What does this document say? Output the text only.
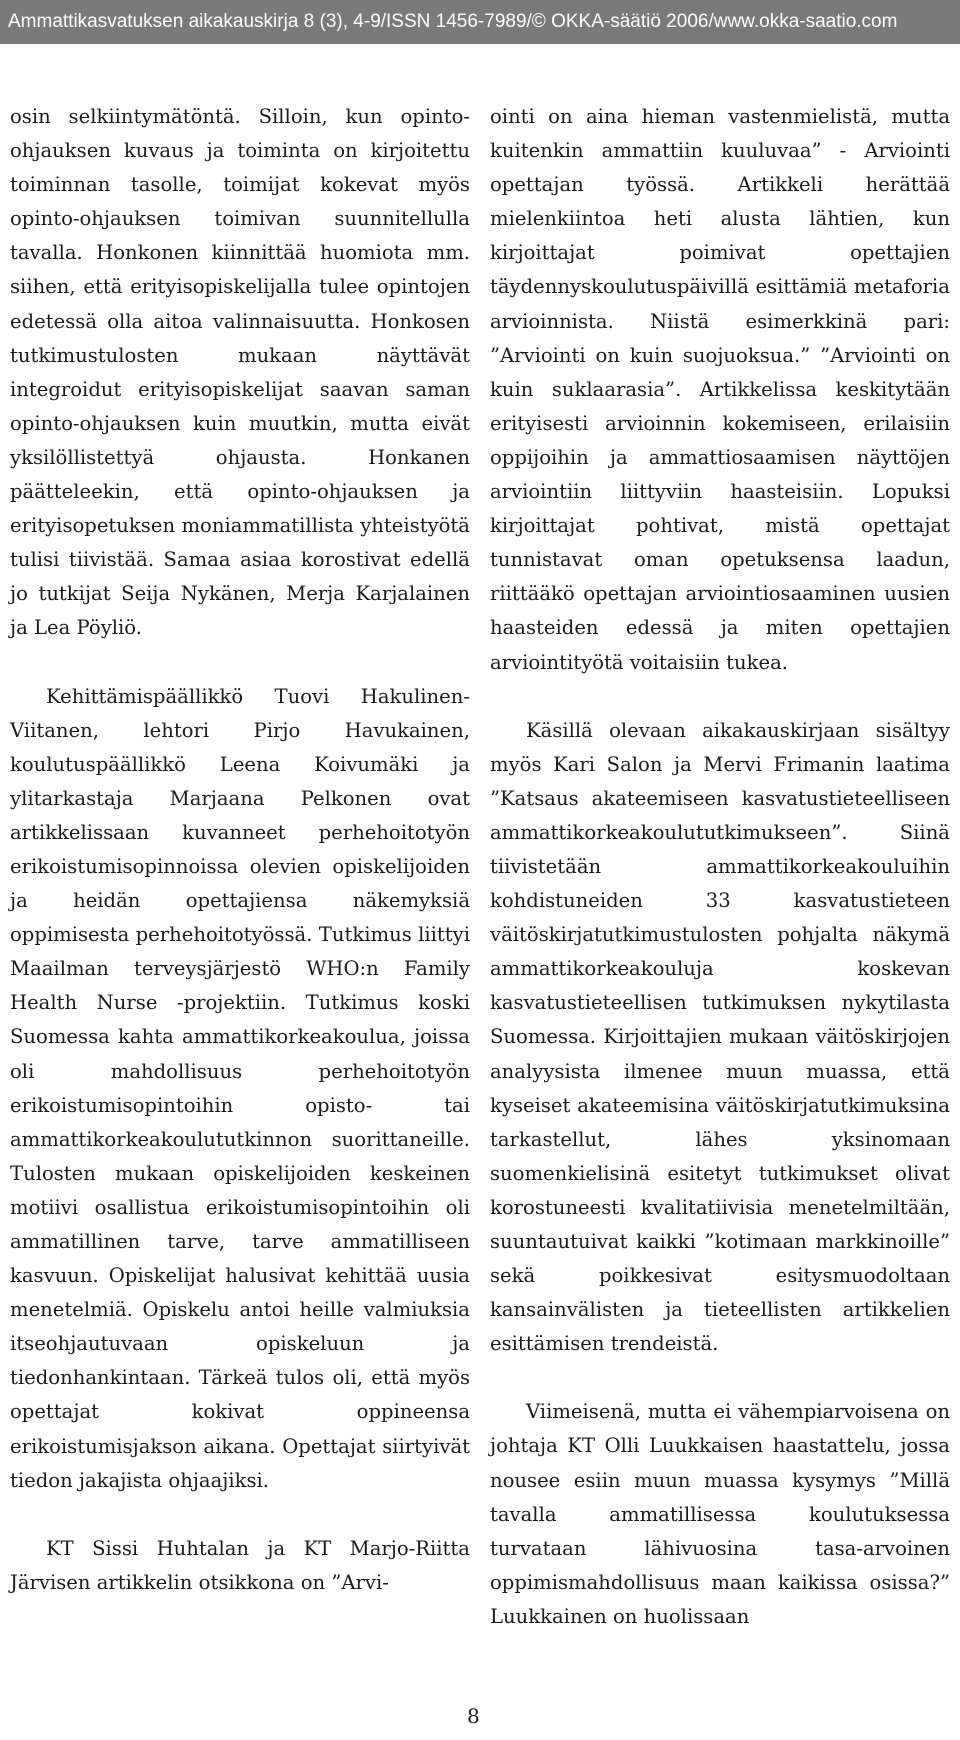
Ammattikasvatuksen aikakauskirja 8 (3), 4-9/ISSN 1456-7989/© OKKA-säätiö 2006/www.okka-saatio.com

osin selkiintymätöntä. Silloin, kun opinto-ohjauksen kuvaus ja toiminta on kirjoitettu toiminnan tasolle, toimijat kokevat myös opinto-ohjauksen toimivan suunnitellulla tavalla. Honkonen kiinnittää huomiota mm. siihen, että erityisopiskelijalla tulee opintojen edetessä olla aitoa valinnaisuutta. Honkosen tutkimustulosten mukaan näyttävät integroidut erityisopiskelijat saavan saman opinto-ohjauksen kuin muutkin, mutta eivät yksilöllistettyä ohjausta. Honkanen päätteleekin, että opinto-ohjauksen ja erityisopetuksen moniammatillista yhteistyötä tulisi tiivistää. Samaa asiaa korostivat edellä jo tutkijat Seija Nykänen, Merja Karjalainen ja Lea Pöyliö.

Kehittämispäällikkö Tuovi Hakulinen-Viitanen, lehtori Pirjo Havukainen, koulutuspäällikkö Leena Koivumäki ja ylitarkastaja Marjaana Pelkonen ovat artikkelissaan kuvanneet perhehoitotyön erikoistumisopinnoissa olevien opiskelijoiden ja heidän opettajiensa näkemyksiä oppimisesta perhehoitotyössä. Tutkimus liittyi Maailman terveysjärjestö WHO:n Family Health Nurse -projektiin. Tutkimus koski Suomessa kahta ammattikorkeakoulua, joissa oli mahdollisuus perhehoitotyön erikoistumisopintoihin opisto- tai ammattikorkeakoulututkinnon suorittaneille. Tulosten mukaan opiskelijoiden keskeinen motiivi osallistua erikoistumisopintoihin oli ammatillinen tarve, tarve ammatilliseen kasvuun. Opiskelijat halusivat kehittää uusia menetelmiä. Opiskelu antoi heille valmiuksia itseohjautuvaan opiskeluun ja tiedonhankintaan. Tärkeä tulos oli, että myös opettajat kokivat oppineensa erikoistumisjakson aikana. Opettajat siirtyivät tiedon jakajista ohjaajiksi.

KT Sissi Huhtalan ja KT Marjo-Riitta Järvisen artikkelin otsikkona on ”Arvi-

ointi on aina hieman vastenmielistä, mutta kuitenkin ammattiin kuuluvaa” - Arviointi opettajan työssä. Artikkeli herättää mielenkiintoa heti alusta lähtien, kun kirjoittajat poimivat opettajien täydennyskoulutuspäivillä esittämiä metaforia arvioinnista. Niistä esimerkkinä pari: ”Arviointi on kuin suojuoksua.” ”Arviointi on kuin suklaarasia”. Artikkelissa keskitytään erityisesti arvioinnin kokemiseen, erilaisiin oppijoihin ja ammattiosaamisen näyttöjen arviointiin liittyviin haasteisiin. Lopuksi kirjoittajat pohtivat, mistä opettajat tunnistavat oman opetuksensa laadun, riittääkö opettajan arviointiosaaminen uusien haasteiden edessä ja miten opettajien arviointityötä voitaisiin tukea.

Käsillä olevaan aikakauskirjaan sisältyy myös Kari Salon ja Mervi Frimanin laatima ”Katsaus akateemiseen kasvatustieteelliseen ammattikorkeakoulututkimukseen”. Siinä tiivistetään ammattikorkeakouluihin kohdistuneiden 33 kasvatustieteen väitöskirjatutkimustulosten pohjalta näkymä ammattikorkeakouluja koskevan kasvatustieteellisen tutkimuksen nykytilasta Suomessa. Kirjoittajien mukaan väitöskirjojen analyysista ilmenee muun muassa, että kyseiset akateemisina väitöskirjatutkimuksina tarkastellut, lähes yksinomaan suomenkielisinä esitetyt tutkimukset olivat korostuneesti kvalitatiivisia menetelmiltään, suuntautuivat kaikki ”kotimaan markkinoille” sekä poikkesivat esitysmuodoltaan kansainvälisten ja tieteellisten artikkelien esittämisen trendeistä.

Viimeisenä, mutta ei vähempiarvoisena on johtaja KT Olli Luukkaisen haastattelu, jossa nousee esiin muun muassa kysymys ”Millä tavalla ammatillisessa koulutuksessa turvataan lähivuosina tasa-arvoinen oppimismahdollisuus maan kaikissa osissa?” Luukkainen on huolissaan

8
